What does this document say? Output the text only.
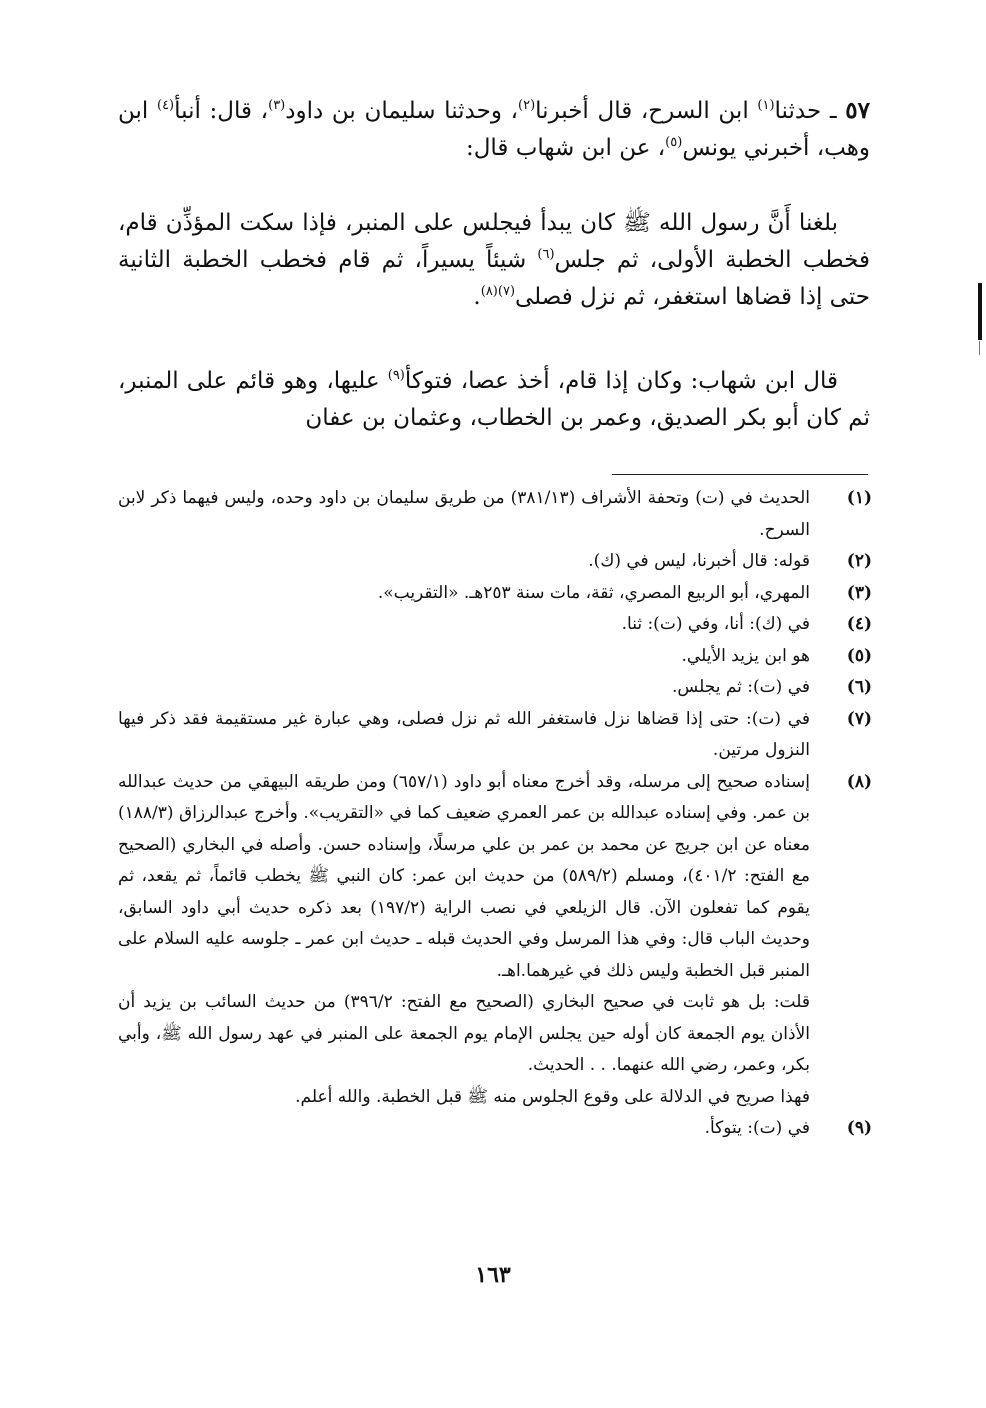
٥٧ ـ حدثنا$^{(١)}$ ابن السرح، قال أخبرنا$^{(٢)}$، وحدثنا سليمان بن داود$^{(٣)}$، قال: أنبأ$^{(٤)}$ ابن وهب، أخبرني يونس$^{(٥)}$، عن ابن شهاب قال:

بلغنا أَنَّ رسول الله ﷺ كان يبدأ فيجلس على المنبر، فإذا سكت المؤذِّن قام، فخطب الخطبة الأولى، ثم جلس$^{(٦)}$ شيئاً يسيراً، ثم قام فخطب الخطبة الثانية حتى إذا قضاها استغفر، ثم نزل فصلى$^{(٧)(٨)}$.

قال ابن شهاب: وكان إذا قام، أخذ عصا، فتوكأ$^{(٩)}$ عليها، وهو قائم على المنبر، ثم كان أبو بكر الصديق، وعمر بن الخطاب، وعثمان بن عفان

(١)
الحديث في (ت) وتحفة الأشراف (٣٨١/١٣) من طريق سليمان بن داود وحده، وليس فيهما ذكر لابن السرح.
(٢)
قوله: قال أخبرنا، ليس في (ك).
(٣)
المهري، أبو الربيع المصري، ثقة، مات سنة ٢٥٣هـ. «التقريب».
(٤)
في (ك): أنا، وفي (ت): ثنا.
(٥)
هو ابن يزيد الأيلي.
(٦)
في (ت): ثم يجلس.
(٧)
في (ت): حتى إذا قضاها نزل فاستغفر الله ثم نزل فصلى، وهي عبارة غير مستقيمة فقد ذكر فيها النزول مرتين.
(٨)
إسناده صحيح إلى مرسله، وقد أخرج معناه أبو داود (٦٥٧/١) ومن طريقه البيهقي من حديث عبدالله بن عمر. وفي إسناده عبدالله بن عمر العمري ضعيف كما في «التقريب». وأخرج عبدالرزاق (١٨٨/٣) معناه عن ابن جريج عن محمد بن عمر بن علي مرسلًا، وإسناده حسن. وأصله في البخاري (الصحيح مع الفتح: ٤٠١/٢)، ومسلم (٥٨٩/٢) من حديث ابن عمر: كان النبي ﷺ يخطب قائماً، ثم يقعد، ثم يقوم كما تفعلون الآن. قال الزيلعي في نصب الراية (١٩٧/٢) بعد ذكره حديث أبي داود السابق، وحديث الباب قال: وفي هذا المرسل وفي الحديث قبله ـ حديث ابن عمر ـ جلوسه عليه السلام على المنبر قبل الخطبة وليس ذلك في غيرهما.اهـ.
قلت: بل هو ثابت في صحيح البخاري (الصحيح مع الفتح: ٣٩٦/٢) من حديث السائب بن يزيد أن الأذان يوم الجمعة كان أوله حين يجلس الإمام يوم الجمعة على المنبر في عهد رسول الله ﷺ، وأبي بكر، وعمر، رضي الله عنهما. . . الحديث.
فهذا صريح في الدلالة على وقوع الجلوس منه ﷺ قبل الخطبة. والله أعلم.
(٩)
في (ت): يتوكأ.
١٦٣
